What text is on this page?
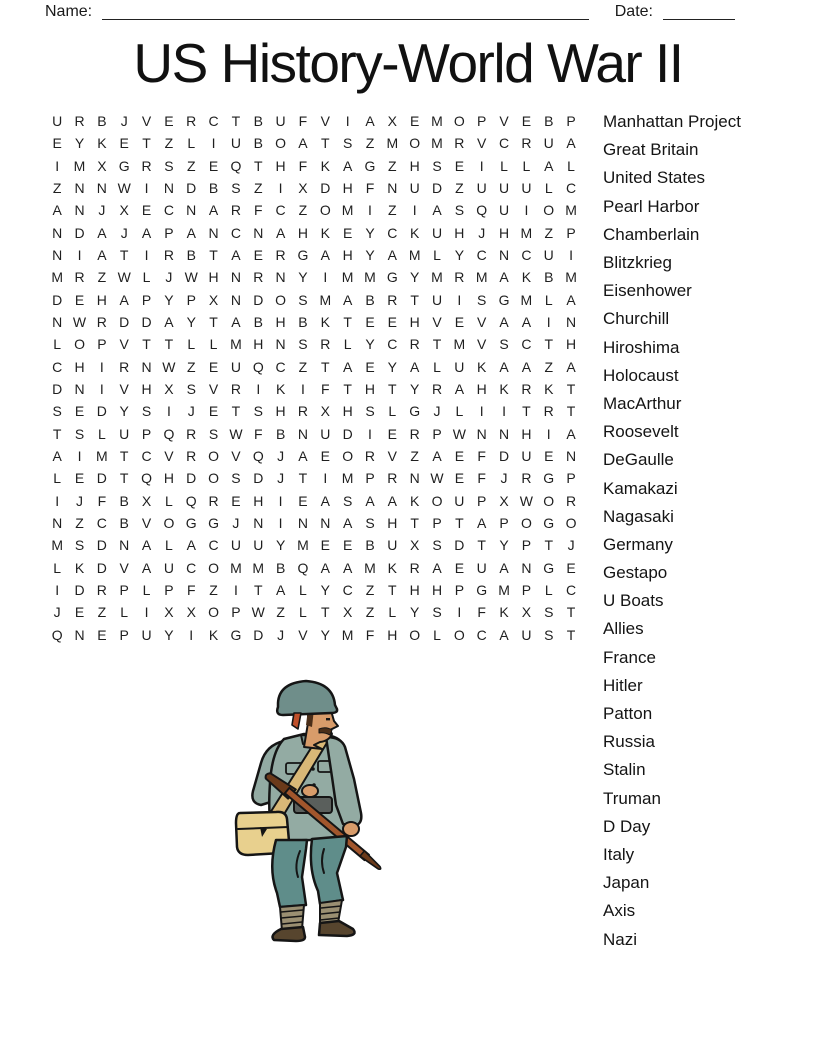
Name:	Date:
US History-World War II
U R B	J	V E R C T B U F V	I	A X E M O P V E B P
E Y K E T Z	L	I	U B O A T S Z M O M R V C R U A
I	M X G R S Z E Q T H F K A G Z H S E	I	L	L A L
Z N N W I	N D B S Z	I	X D H F N U D Z U U U L C
A N J	X E C N A R F C Z O M	I	Z	I	A S Q U	I	O M
N D A	J	A P A N C N A H K E Y C K U H J H M Z P
N	I	A T	I	R B T A E R G A H Y A M L Y C N C U	I
M R Z W L	J W H N R N Y	I	M M G Y M R M A K B M
D E H A P Y P X N D O S M A B R T U	I	S G M L A
N W R D D A Y T A B H B K T E E H V E V A A	I	N
L O P V T T	L	L M H N S R L Y C R T M V S C T H
C H	I	R N W Z E U Q C Z T A E Y A L U K A A Z A
D N	I	V H X S V R	I	K	I	F T H T Y R A H K R K T
S E D Y S	I	J	E T S H R X H S L G J	L	I	I	T R T
T S L U P Q R S W F B N U D	I	E R P W N N H	I	A
A	I	M T C V R O V Q J	A E O R V Z A E F D U E N
L E D T Q H D O S D J	T	I	M P R N W E F	J R G P
I	J	F B X L Q R E H	I	E A S A A K O U P X W O R
N Z C B V O G G J N	I	N N A S H T P T A P O G O
M S D N A L A C U U Y M E E B U X S D T Y P T	J
L K D V A U C O M M B Q A A M K R A E U A N G E
I	D R P L P F Z	I	T A L Y C Z T H H P G M P L C
J	E Z	L	I	X X O P W Z	L	T X Z	L Y S	I	F K X S T
Q N E P U Y	I	K G D J	V Y M F H O L O C A U S T
Manhattan Project
Great Britain
United States
Pearl Harbor
Chamberlain
Blitzkrieg
Eisenhower
Churchill
Hiroshima
Holocaust
MacArthur
Roosevelt
DeGaulle
Kamakazi
Nagasaki
Germany
Gestapo
U Boats
Allies
France
Hitler
Patton
Russia
Stalin
Truman
D Day
Italy
Japan
Axis
Nazi
